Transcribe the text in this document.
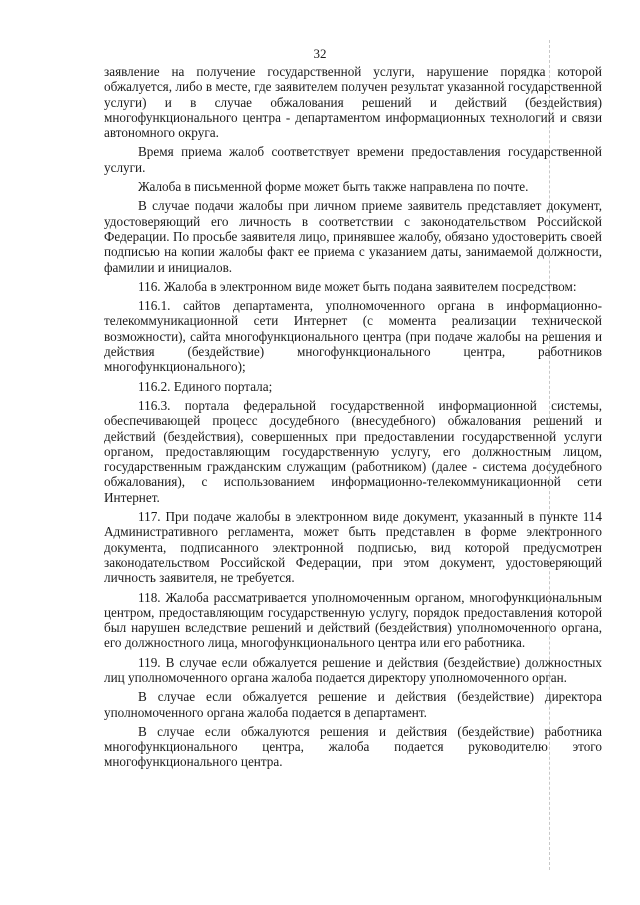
32

заявление на получение государственной услуги, нарушение порядка которой обжалуется, либо в месте, где заявителем получен результат указанной государственной услуги) и в случае обжалования решений и действий (бездействия) многофункционального центра - департаментом информационных технологий и связи автономного округа.

Время приема жалоб соответствует времени предоставления государственной услуги.

Жалоба в письменной форме может быть также направлена по почте.

В случае подачи жалобы при личном приеме заявитель представляет документ, удостоверяющий его личность в соответствии с законодательством Российской Федерации. По просьбе заявителя лицо, принявшее жалобу, обязано удостоверить своей подписью на копии жалобы факт ее приема с указанием даты, занимаемой должности, фамилии и инициалов.

116. Жалоба в электронном виде может быть подана заявителем посредством:

116.1. сайтов департамента, уполномоченного органа в информационно-телекоммуникационной сети Интернет (с момента реализации технической возможности), сайта многофункционального центра (при подаче жалобы на решения и действия (бездействие) многофункционального центра, работников многофункционального);

116.2. Единого портала;

116.3. портала федеральной государственной информационной системы, обеспечивающей процесс досудебного (внесудебного) обжалования решений и действий (бездействия), совершенных при предоставлении государственной услуги органом, предоставляющим государственную услугу, его должностным лицом, государственным гражданским служащим (работником) (далее - система досудебного обжалования), с использованием информационно-телекоммуникационной сети Интернет.

117. При подаче жалобы в электронном виде документ, указанный в пункте 114 Административного регламента, может быть представлен в форме электронного документа, подписанного электронной подписью, вид которой предусмотрен законодательством Российской Федерации, при этом документ, удостоверяющий личность заявителя, не требуется.

118. Жалоба рассматривается уполномоченным органом, многофункциональным центром, предоставляющим государственную услугу, порядок предоставления которой был нарушен вследствие решений и действий (бездействия) уполномоченного органа, его должностного лица, многофункционального центра или его работника.

119. В случае если обжалуется решение и действия (бездействие) должностных лиц уполномоченного органа жалоба подается директору уполномоченного орган.

В случае если обжалуется решение и действия (бездействие) директора уполномоченного органа жалоба подается в департамент.

В случае если обжалуются решения и действия (бездействие) работника многофункционального центра, жалоба подается руководителю этого многофункционального центра.
